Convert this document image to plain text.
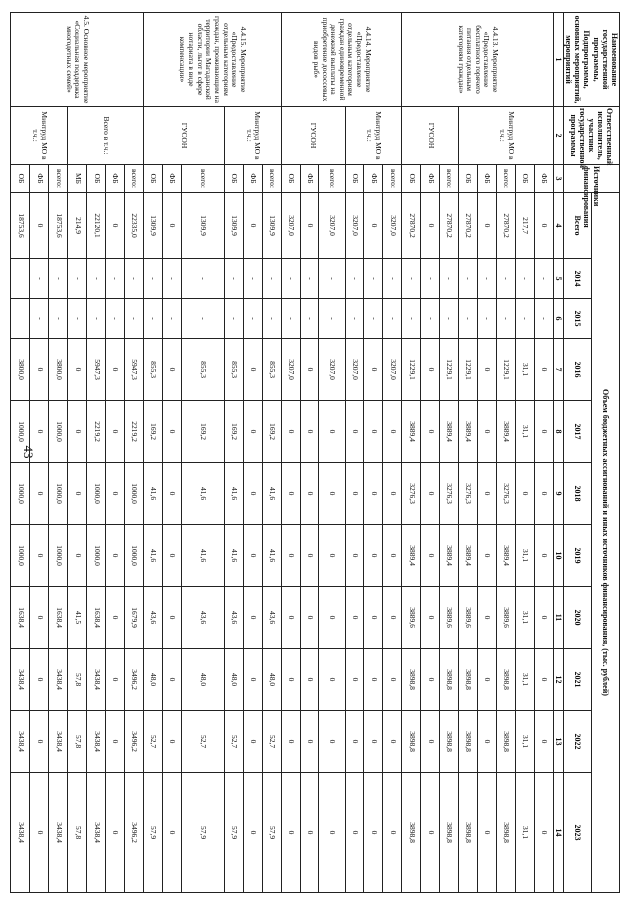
43
Наименование государственной программы, Подпрограммы, основных мероприятий, мероприятий	Ответственный исполнитель, участник государственной программы	Источники финансирования	Объем бюджетных ассигнований и иных источников финансирования, (тыс. рублей)										
			Всего	2014	2015	2016	2017	2018	2019	2020	2021	2022	2023
1	2	3	4	5	6	7	8	9	10	11	12	13	14
4.4.13. Мероприятие «Предоставление бесплатного горячего питания отдельным категориям граждан»	Минтруд МО в т.ч.:	ФБ	0	-	-	0	0	0	0	0	0	0	0
		ОБ	217,7	-	-	31,1	31,1	0	31,1	31,1	31,1	31,1	31,1
		всего:	27870,2	-	-	1229,1	3889,4	3276,3	3889,4	3889,6	3898,8	3898,8	3898,8
		ФБ	0	-	-	0	0	0	0	0	0	0	0
		ОБ	27870,2	-	-	1229,1	3889,4	3276,3	3889,4	3889,6	3898,8	3898,8	3898,8
	ГУСОН	всего:	27870,2	-	-	1229,1	3889,4	3276,3	3889,4	3889,6	3898,8	3898,8	3898,8
		ФБ	0	-	-	0	0	0	0	0	0	0	0
		ОБ	27870,2	-	-	1229,1	3889,4	3276,3	3889,4	3889,6	3898,8	3898,8	3898,8
4.4.14. Мероприятие «Предоставление отдельным категориям граждан единовременной денежной выплаты на приобретение дососсевых видов рыб»	Минтруд МО в т.ч.:	всего:	3207,0	-	-	3207,0	0	0	0	0	0	0	0
		ФБ	0	-	-	0	0	0	0	0	0	0	0
		ОБ	3207,0	-	-	3207,0	0	0	0	0	0	0	0
	ГУСОН	всего:	3207,0	-	-	3207,0	0	0	0	0	0	0	0
		ФБ	0	-	-	0	0	0	0	0	0	0	0
		ОБ	3207,0	-	-	3207,0	0	0	0	0	0	0	0
4.4.15. Мероприятие «Предоставление отдельным категориям граждан, проживающим на территории Магаданской области, льгот в сфере нотариата в виде компенсации»	Минтруд МО в т.ч.:	всего:	1309,9	-	-	855,3	169,2	41,6	41,6	43,6	48,0	52,7	57,9
		ФБ	0	-	-	0	0	0	0	0	0	0	0
		ОБ	1309,9	-	-	855,3	169,2	41,6	41,6	43,6	48,0	52,7	57,9
	ГУСОН	всего:	1309,9	-	-	855,3	169,2	41,6	41,6	43,6	48,0	52,7	57,9
		ФБ	0	-	-	0	0	0	0	0	0	0	0
		ОБ	1309,9	-	-	855,3	169,2	41,6	41,6	43,6	48,0	52,7	57,9
4.5. Основное мероприятие «Социальная поддержка многодетных семей»	Всего в т.ч.:	всего:	22335,0	-	-	5947,3	2219,2	1000,0	1000,0	1679,9	3496,2	3496,2	3496,2
		ФБ	0	-	-	0	0	0	0	0	0	0	0
		ОБ	22120,1	-	-	5947,3	2219,2	1000,0	1000,0	1638,4	3438,4	3438,4	3438,4
		МБ	214,9	-	-	0	0	0	0	41,5	57,8	57,8	57,8
	Минтруд МО в т.ч.:	всего:	18753,6	-	-	3800,0	1000,0	1000,0	1000,0	1638,4	3438,4	3438,4	3438,4
		ФБ	0	-	-	0	0	0	0	0	0	0	0
		ОБ	18753,6			3800,0	1000,0	1000,0	1000,0	1638,4	3438,4	3438,4	3438,4
